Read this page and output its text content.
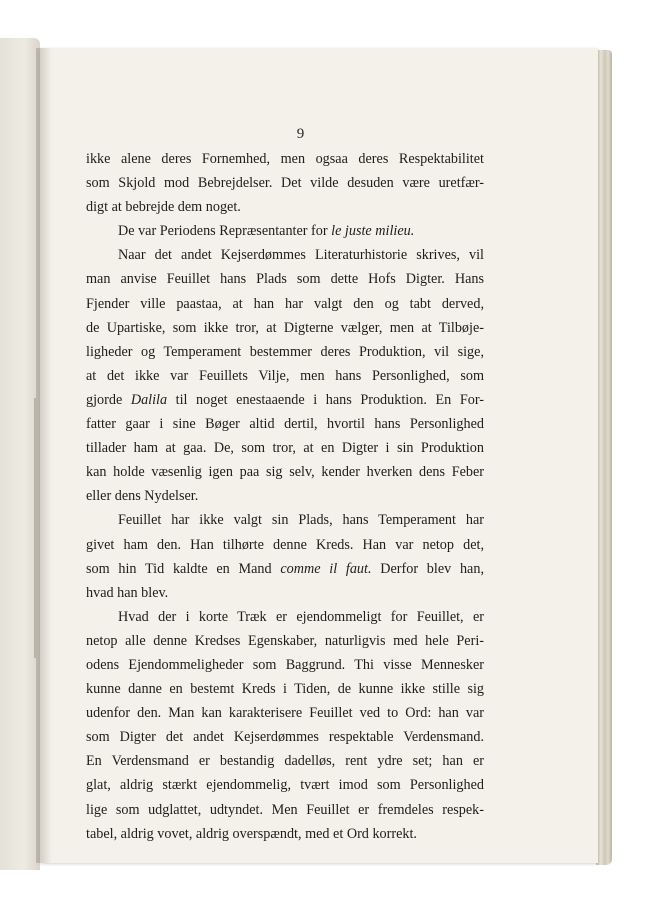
9
ikke alene deres Fornemhed, men ogsaa deres Respektabilitet
som Skjold mod Bebrejdelser. Det vilde desuden være uretfær-
digt at bebrejde dem noget.
De var Periodens Repræsentanter for le juste milieu.
Naar det andet Kejserdømmes Literaturhistorie skrives, vil
man anvise Feuillet hans Plads som dette Hofs Digter. Hans
Fjender ville paastaa, at han har valgt den og tabt derved,
de Upartiske, som ikke tror, at Digterne vælger, men at Tilbøje-
ligheder og Temperament bestemmer deres Produktion, vil sige,
at det ikke var Feuillets Vilje, men hans Personlighed, som
gjorde Dalila til noget enestaaende i hans Produktion. En For-
fatter gaar i sine Bøger altid dertil, hvortil hans Personlighed
tillader ham at gaa. De, som tror, at en Digter i sin Produktion
kan holde væsenlig igen paa sig selv, kender hverken dens Feber
eller dens Nydelser.
Feuillet har ikke valgt sin Plads, hans Temperament har
givet ham den. Han tilhørte denne Kreds. Han var netop det,
som hin Tid kaldte en Mand comme il faut. Derfor blev han,
hvad han blev.
Hvad der i korte Træk er ejendommeligt for Feuillet, er
netop alle denne Kredses Egenskaber, naturligvis med hele Peri-
odens Ejendommeligheder som Baggrund. Thi visse Mennesker
kunne danne en bestemt Kreds i Tiden, de kunne ikke stille sig
udenfor den. Man kan karakterisere Feuillet ved to Ord: han var
som Digter det andet Kejserdømmes respektable Verdensmand.
En Verdensmand er bestandig dadelløs, rent ydre set; han er
glat, aldrig stærkt ejendommelig, tvært imod som Personlighed
lige som udglattet, udtyndet. Men Feuillet er fremdeles respek-
tabel, aldrig vovet, aldrig overspændt, med et Ord korrekt.
